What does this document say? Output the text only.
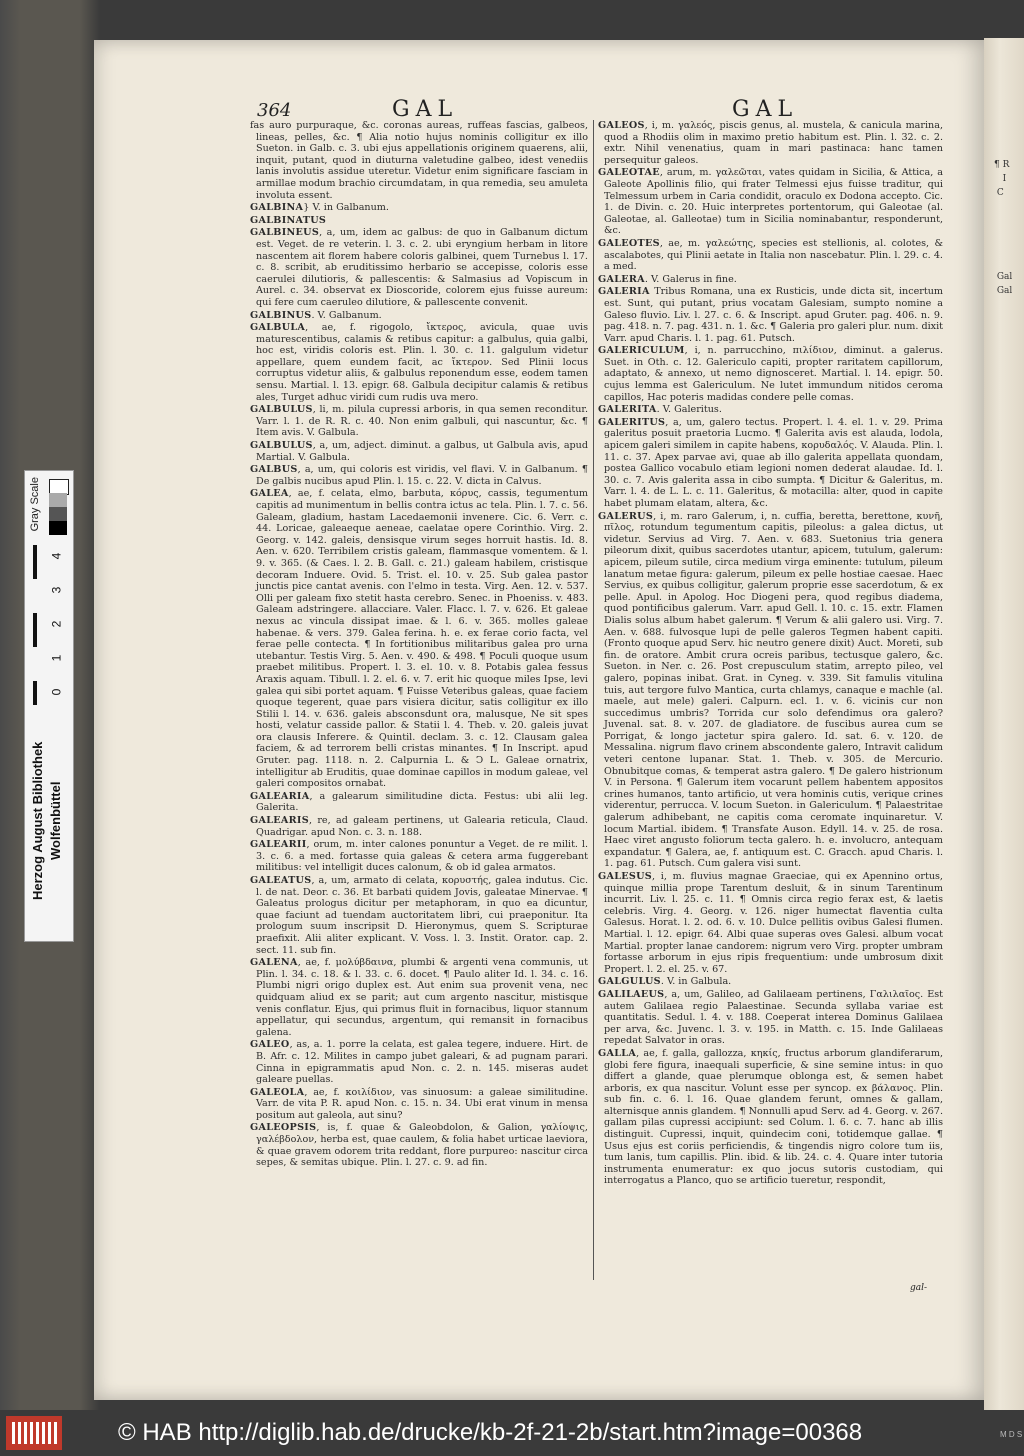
¶ R
I
C

Gal
Gal

Gray Scale
0
1
2
3
4
Herzog August Bibliothek Wolfenbüttel
364	GAL	GAL

fas auro purpuraque, &c. coronas aureas, ruffeas fascias, galbeos, lineas, pelles, &c. ¶ Alia notio hujus nominis colligitur ex illo Sueton. in Galb. c. 3. ubi ejus appellationis originem quaerens, alii, inquit, putant, quod in diuturna valetudine galbeo, idest venediis lanis involutis assidue uteretur. Videtur enim significare fasciam in armillae modum brachio circumdatam, in qua remedia, seu amuleta involuta essent.

GALBINA} V. in Galbanum.

GALBINATUS

GALBINEUS, a, um, idem ac galbus: de quo in Galbanum dictum est. Veget. de re veterin. l. 3. c. 2. ubi eryngium herbam in litore nascentem ait florem habere coloris galbinei, quem Turnebus l. 17. c. 8. scribit, ab eruditissimo herbario se accepisse, coloris esse caerulei dilutioris, & pallescentis: & Salmasius ad Vopiscum in Aurel. c. 34. observat ex Dioscoride, colorem ejus fuisse aureum: qui fere cum caeruleo dilutiore, & pallescente convenit.

GALBINUS. V. Galbanum.

GALBULA, ae, f. rigogolo, ἴκτερος, avicula, quae uvis maturescentibus, calamis & retibus capitur: a galbulus, quia galbi, hoc est, viridis coloris est. Plin. l. 30. c. 11. galgulum videtur appellare, quem eundem facit, ac ἴκτερον. Sed Plinii locus corruptus videtur aliis, & galbulus reponendum esse, eodem tamen sensu. Martial. l. 13. epigr. 68. Galbula decipitur calamis & retibus ales, Turget adhuc viridi cum rudis uva mero.

GALBULUS, li, m. pilula cupressi arboris, in qua semen reconditur. Varr. l. 1. de R. R. c. 40. Non enim galbuli, qui nascuntur, &c. ¶ Item avis. V. Galbula.

GALBULUS, a, um, adject. diminut. a galbus, ut Galbula avis, apud Martial. V. Galbula.

GALBUS, a, um, qui coloris est viridis, vel flavi. V. in Galbanum. ¶ De galbis nucibus apud Plin. l. 15. c. 22. V. dicta in Calvus.

GALEA, ae, f. celata, elmo, barbuta, κόρυς, cassis, tegumentum capitis ad munimentum in bellis contra ictus ac tela. Plin. l. 7. c. 56. Galeam, gladium, hastam Lacedaemonii invenere. Cic. 6. Verr. c. 44. Loricae, galeaeque aeneae, caelatae opere Corinthio. Virg. 2. Georg. v. 142. galeis, densisque virum seges horruit hastis. Id. 8. Aen. v. 620. Terribilem cristis galeam, flammasque vomentem. & l. 9. v. 365. (& Caes. l. 2. B. Gall. c. 21.) galeam habilem, cristisque decoram Induere. Ovid. 5. Trist. el. 10. v. 25. Sub galea pastor junctis pice cantat avenis. con l'elmo in testa. Virg. Aen. 12. v. 537. Olli per galeam fixo stetit hasta cerebro. Senec. in Phoeniss. v. 483. Galeam adstringere. allacciare. Valer. Flacc. l. 7. v. 626. Et galeae nexus ac vincula dissipat imae. & l. 6. v. 365. molles galeae habenae. & vers. 379. Galea ferina. h. e. ex ferae corio facta, vel ferae pelle contecta. ¶ In fortitionibus militaribus galea pro urna utebantur. Testis Virg. 5. Aen. v. 490. & 498. ¶ Poculi quoque usum praebet militibus. Propert. l. 3. el. 10. v. 8. Potabis galea fessus Araxis aquam. Tibull. l. 2. el. 6. v. 7. erit hic quoque miles Ipse, levi galea qui sibi portet aquam. ¶ Fuisse Veteribus galeas, quae faciem quoque tegerent, quae pars visiera dicitur, satis colligitur ex illo Stilii l. 14. v. 636. galeis absconsdunt ora, malusque, Ne sit spes hosti, velatur casside pallor. & Statii l. 4. Theb. v. 20. galeis juvat ora clausis Inferere. & Quintil. declam. 3. c. 12. Clausam galea faciem, & ad terrorem belli cristas minantes. ¶ In Inscript. apud Gruter. pag. 1118. n. 2. Calpurnia L. & Ↄ L. Galeae ornatrix, intelligitur ab Eruditis, quae dominae capillos in modum galeae, vel galeri compositos ornabat.

GALEARIA, a galearum similitudine dicta. Festus: ubi alii leg. Galerita.

GALEARIS, re, ad galeam pertinens, ut Galearia reticula, Claud. Quadrigar. apud Non. c. 3. n. 188.

GALEARII, orum, m. inter calones ponuntur a Veget. de re milit. l. 3. c. 6. a med. fortasse quia galeas & cetera arma fuggerebant militibus: vel intelligit duces calonum, & ob id galea armatos.

GALEATUS, a, um, armato di celata, κορυστής, galea indutus. Cic. l. de nat. Deor. c. 36. Et barbati quidem Jovis, galeatae Minervae. ¶ Galeatus prologus dicitur per metaphoram, in quo ea dicuntur, quae faciunt ad tuendam auctoritatem libri, cui praeponitur. Ita prologum suum inscripsit D. Hieronymus, quem S. Scripturae praefixit. Alii aliter explicant. V. Voss. l. 3. Instit. Orator. cap. 2. sect. 11. sub fin.

GALENA, ae, f. μολύβδαινα, plumbi & argenti vena communis, ut Plin. l. 34. c. 18. & l. 33. c. 6. docet. ¶ Paulo aliter Id. l. 34. c. 16. Plumbi nigri origo duplex est. Aut enim sua provenit vena, nec quidquam aliud ex se parit; aut cum argento nascitur, mistisque venis conflatur. Ejus, qui primus fluit in fornacibus, liquor stannum appellatur, qui secundus, argentum, qui remansit in fornacibus galena.

GALEO, as, a. 1. porre la celata, est galea tegere, induere. Hirt. de B. Afr. c. 12. Milites in campo jubet galeari, & ad pugnam parari. Cinna in epigrammatis apud Non. c. 2. n. 145. miseras audet galeare puellas.

GALEOLA, ae, f. κοιλίδιον, vas sinuosum: a galeae similitudine. Varr. de vita P. R. apud Non. c. 15. n. 34. Ubi erat vinum in mensa positum aut galeola, aut sinu?

GALEOPSIS, is, f. quae & Galeobdolon, & Galion, γαλίοψις, γαλέβδολον, herba est, quae caulem, & folia habet urticae laeviora, & quae gravem odorem trita reddant, flore purpureo: nascitur circa sepes, & semitas ubique. Plin. l. 27. c. 9. ad fin.

GALEOS, i, m. γαλεός, piscis genus, al. mustela, & canicula marina, quod a Rhodiis olim in maximo pretio habitum est. Plin. l. 32. c. 2. extr. Nihil venenatius, quam in mari pastinaca: hanc tamen persequitur galeos.

GALEOTAE, arum, m. γαλεῶται, vates quidam in Sicilia, & Attica, a Galeote Apollinis filio, qui frater Telmessi ejus fuisse traditur, qui Telmessum urbem in Caria condidit, oraculo ex Dodona accepto. Cic. 1. de Divin. c. 20. Huic interpretes portentorum, qui Galeotae (al. Galeotae, al. Galleotae) tum in Sicilia nominabantur, responderunt, &c.

GALEOTES, ae, m. γαλεώτης, species est stellionis, al. colotes, & ascalabotes, qui Plinii aetate in Italia non nascebatur. Plin. l. 29. c. 4. a med.

GALERA. V. Galerus in fine.

GALERIA Tribus Romana, una ex Rusticis, unde dicta sit, incertum est. Sunt, qui putant, prius vocatam Galesiam, sumpto nomine a Galeso fluvio. Liv. l. 27. c. 6. & Inscript. apud Gruter. pag. 406. n. 9. pag. 418. n. 7. pag. 431. n. 1. &c. ¶ Galeria pro galeri plur. num. dixit Varr. apud Charis. l. 1. pag. 61. Putsch.

GALERICULUM, i, n. parrucchino, πιλίδιον, diminut. a galerus. Suet. in Oth. c. 12. Galericulo capiti, propter raritatem capillorum, adaptato, & annexo, ut nemo dignosceret. Martial. l. 14. epigr. 50. cujus lemma est Galericulum. Ne lutet immundum nitidos ceroma capillos, Hac poteris madidas condere pelle comas.

GALERITA. V. Galeritus.

GALERITUS, a, um, galero tectus. Propert. l. 4. el. 1. v. 29. Prima galeritus posuit praetoria Lucmo. ¶ Galerita avis est alauda, lodola, apicem galeri similem in capite habens, κορυδαλός. V. Alauda. Plin. l. 11. c. 37. Apex parvae avi, quae ab illo galerita appellata quondam, postea Gallico vocabulo etiam legioni nomen dederat alaudae. Id. l. 30. c. 7. Avis galerita assa in cibo sumpta. ¶ Dicitur & Galeritus, m. Varr. l. 4. de L. L. c. 11. Galeritus, & motacilla: alter, quod in capite habet plumam elatam, altera, &c.

GALERUS, i, m. raro Galerum, i, n. cuffia, beretta, berettone, κυνῆ, πῖλος, rotundum tegumentum capitis, pileolus: a galea dictus, ut videtur. Servius ad Virg. 7. Aen. v. 683. Suetonius tria genera pileorum dixit, quibus sacerdotes utantur, apicem, tutulum, galerum: apicem, pileum sutile, circa medium virga eminente: tutulum, pileum lanatum metae figura: galerum, pileum ex pelle hostiae caesae. Haec Servius, ex quibus colligitur, galerum proprie esse sacerdotum, & ex pelle. Apul. in Apolog. Hoc Diogeni pera, quod regibus diadema, quod pontificibus galerum. Varr. apud Gell. l. 10. c. 15. extr. Flamen Dialis solus album habet galerum. ¶ Verum & alii galero usi. Virg. 7. Aen. v. 688. fulvosque lupi de pelle galeros Tegmen habent capiti. (Fronto quoque apud Serv. hic neutro genere dixit) Auct. Moreti, sub fin. de oratore. Ambit crura ocreis paribus, tectusque galero, &c. Sueton. in Ner. c. 26. Post crepusculum statim, arrepto pileo, vel galero, popinas inibat. Grat. in Cyneg. v. 339. Sit famulis vitulina tuis, aut tergore fulvo Mantica, curta chlamys, canaque e machle (al. maele, aut mele) galeri. Calpurn. ecl. 1. v. 6. vicinis cur non succedimus umbris? Torrida cur solo defendimus ora galero? Juvenal. sat. 8. v. 207. de gladiatore. de fuscibus aurea cum se Porrigat, & longo jactetur spira galero. Id. sat. 6. v. 120. de Messalina. nigrum flavo crinem abscondente galero, Intravit calidum veteri centone lupanar. Stat. 1. Theb. v. 305. de Mercurio. Obnubitque comas, & temperat astra galero. ¶ De galero histrionum V. in Persona. ¶ Galerum item vocarunt pellem habentem appositos crines humanos, tanto artificio, ut vera hominis cutis, verique crines viderentur, perrucca. V. locum Sueton. in Galericulum. ¶ Palaestritae galerum adhibebant, ne capitis coma ceromate inquinaretur. V. locum Martial. ibidem. ¶ Transfate Auson. Edyll. 14. v. 25. de rosa. Haec viret angusto foliorum tecta galero. h. e. involucro, antequam expandatur. ¶ Galera, ae, f. antiquum est. C. Gracch. apud Charis. l. 1. pag. 61. Putsch. Cum galera visi sunt.

GALESUS, i, m. fluvius magnae Graeciae, qui ex Apennino ortus, quinque millia prope Tarentum desluit, & in sinum Tarentinum incurrit. Liv. l. 25. c. 11. ¶ Omnis circa regio ferax est, & laetis celebris. Virg. 4. Georg. v. 126. niger humectat flaventia culta Galesus. Horat. l. 2. od. 6. v. 10. Dulce pellitis ovibus Galesi flumen. Martial. l. 12. epigr. 64. Albi quae superas oves Galesi. album vocat Martial. propter lanae candorem: nigrum vero Virg. propter umbram fortasse arborum in ejus ripis frequentium: unde umbrosum dixit Propert. l. 2. el. 25. v. 67.

GALGULUS. V. in Galbula.

GALILAEUS, a, um, Galileo, ad Galilaeam pertinens, Γαλιλαῖος. Est autem Galilaea regio Palaestinae. Secunda syllaba variae est quantitatis. Sedul. l. 4. v. 188. Coeperat interea Dominus Galilaea per arva, &c. Juvenc. l. 3. v. 195. in Matth. c. 15. Inde Galilaeas repedat Salvator in oras.

GALLA, ae, f. galla, gallozza, κηκίς, fructus arborum glandiferarum, globi fere figura, inaequali superficie, & sine semine intus: in quo differt a glande, quae plerumque oblonga est, & semen habet arboris, ex qua nascitur. Volunt esse per syncop. ex βάλανος. Plin. sub fin. c. 6. l. 16. Quae glandem ferunt, omnes & gallam, alternisque annis glandem. ¶ Nonnulli apud Serv. ad 4. Georg. v. 267. gallam pilas cupressi accipiunt: sed Colum. l. 6. c. 7. hanc ab illis distinguit. Cupressi, inquit, quindecim coni, totidemque gallae. ¶ Usus ejus est coriis perficiendis, & tingendis nigro colore tum iis, tum lanis, tum capillis. Plin. ibid. & lib. 24. c. 4. Quare inter tutoria instrumenta enumeratur: ex quo jocus sutoris custodiam, qui interrogatus a Planco, quo se artificio tueretur, respondit,

gal-
© HAB http://diglib.hab.de/drucke/kb-2f-21-2b/start.htm?image=00368	M D S
